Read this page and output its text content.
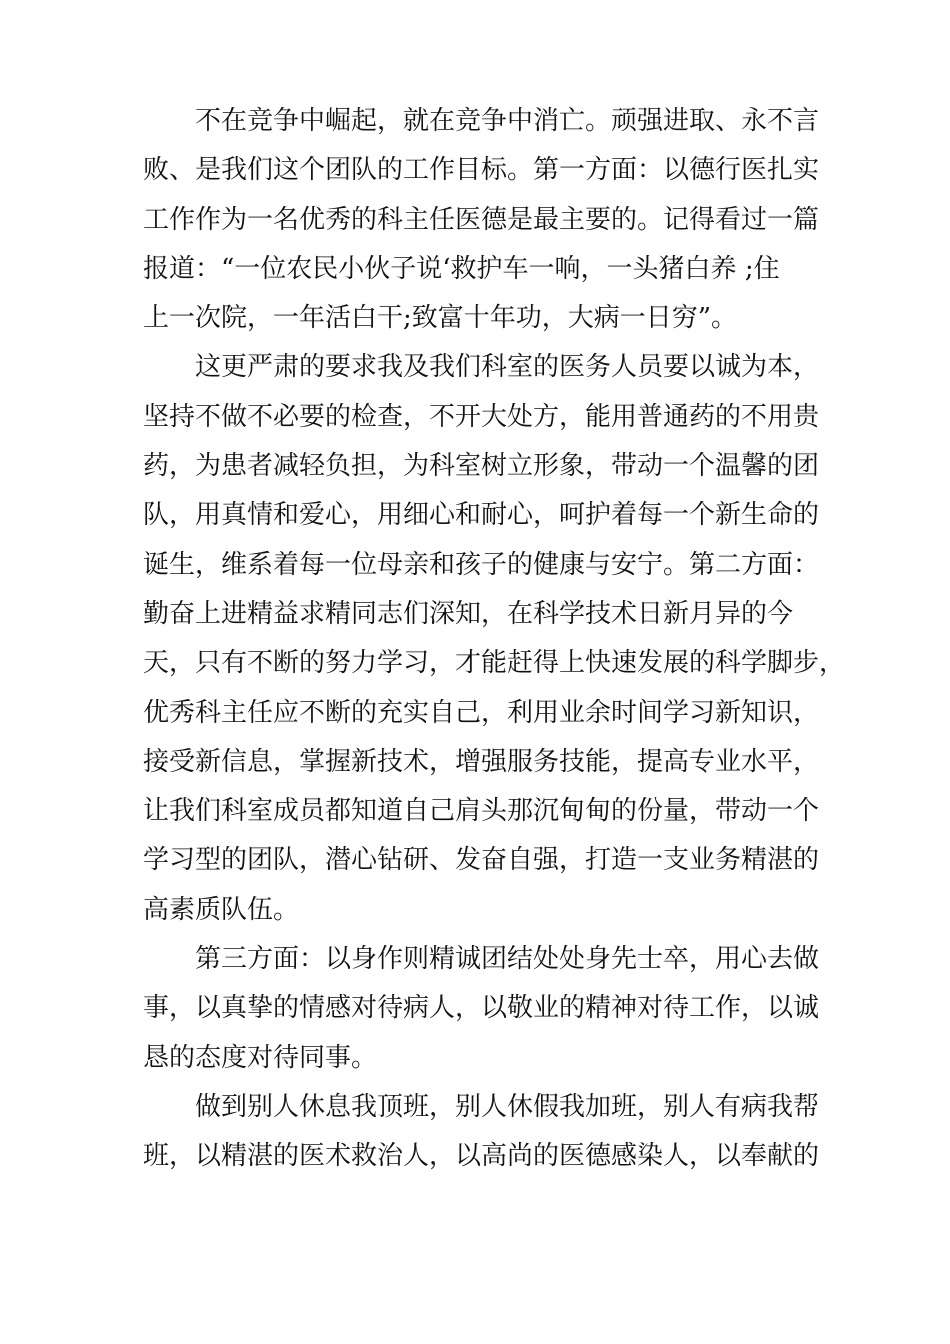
不在竞争中崛起，就在竞争中消亡。顽强进取、永不言
败、是我们这个团队的工作目标。第一方面：以德行医扎实
工作作为一名优秀的科主任医德是最主要的。记得看过一篇
报道：“一位农民小伙子说‘救护车一响，一头猪白养 ;住
上一次院，一年活白干;致富十年功，大病一日穷”。
这更严肃的要求我及我们科室的医务人员要以诚为本，
坚持不做不必要的检查，不开大处方，能用普通药的不用贵
药，为患者减轻负担，为科室树立形象，带动一个温馨的团
队，用真情和爱心，用细心和耐心，呵护着每一个新生命的
诞生，维系着每一位母亲和孩子的健康与安宁。第二方面：
勤奋上进精益求精同志们深知，在科学技术日新月异的今
天，只有不断的努力学习，才能赶得上快速发展的科学脚步，
优秀科主任应不断的充实自己，利用业余时间学习新知识，
接受新信息，掌握新技术，增强服务技能，提高专业水平，
让我们科室成员都知道自己肩头那沉甸甸的份量，带动一个
学习型的团队，潜心钻研、发奋自强，打造一支业务精湛的
高素质队伍。
第三方面：以身作则精诚团结处处身先士卒，用心去做
事，以真挚的情感对待病人，以敬业的精神对待工作，以诚
恳的态度对待同事。
做到别人休息我顶班，别人休假我加班，别人有病我帮
班，以精湛的医术救治人，以高尚的医德感染人，以奉献的
